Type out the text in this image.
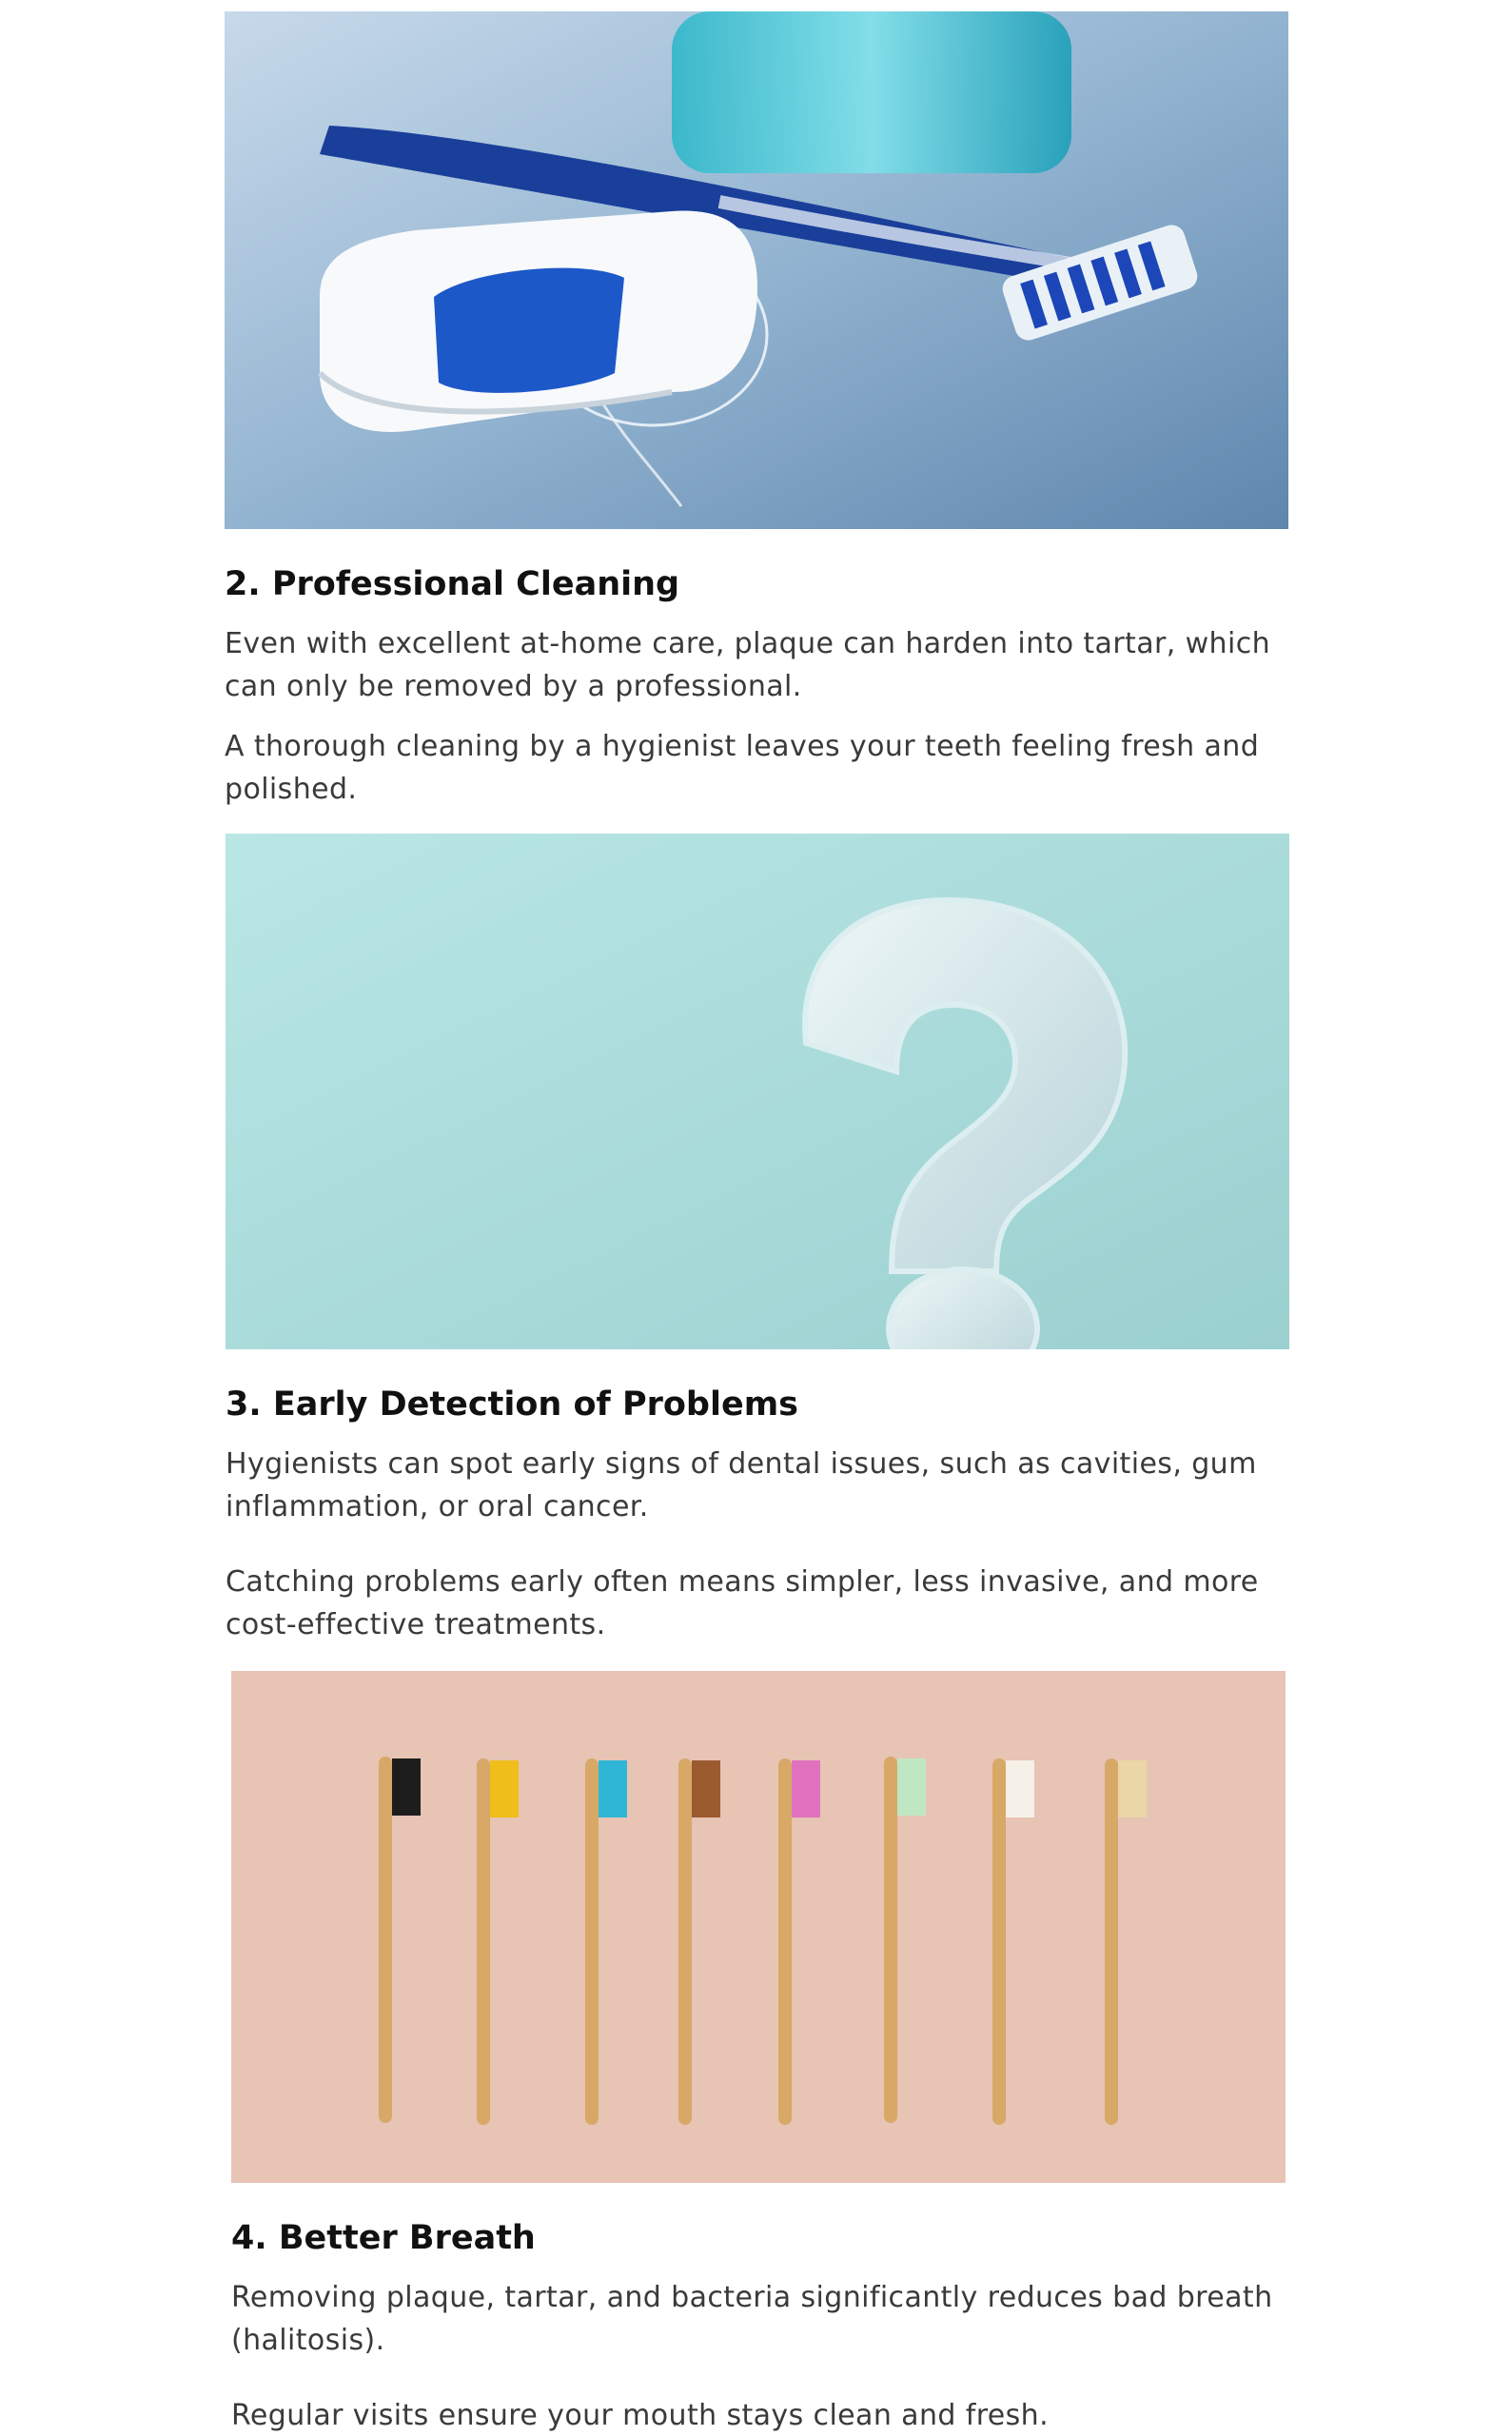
2. Professional Cleaning

Even with excellent at-home care, plaque can harden into tartar, which can only be removed by a professional.

A thorough cleaning by a hygienist leaves your teeth feeling fresh and polished.

3. Early Detection of Problems

Hygienists can spot early signs of dental issues, such as cavities, gum inflammation, or oral cancer.

Catching problems early often means simpler, less invasive, and more cost-effective treatments.

4. Better Breath

Removing plaque, tartar, and bacteria significantly reduces bad breath (halitosis).

Regular visits ensure your mouth stays clean and fresh.
